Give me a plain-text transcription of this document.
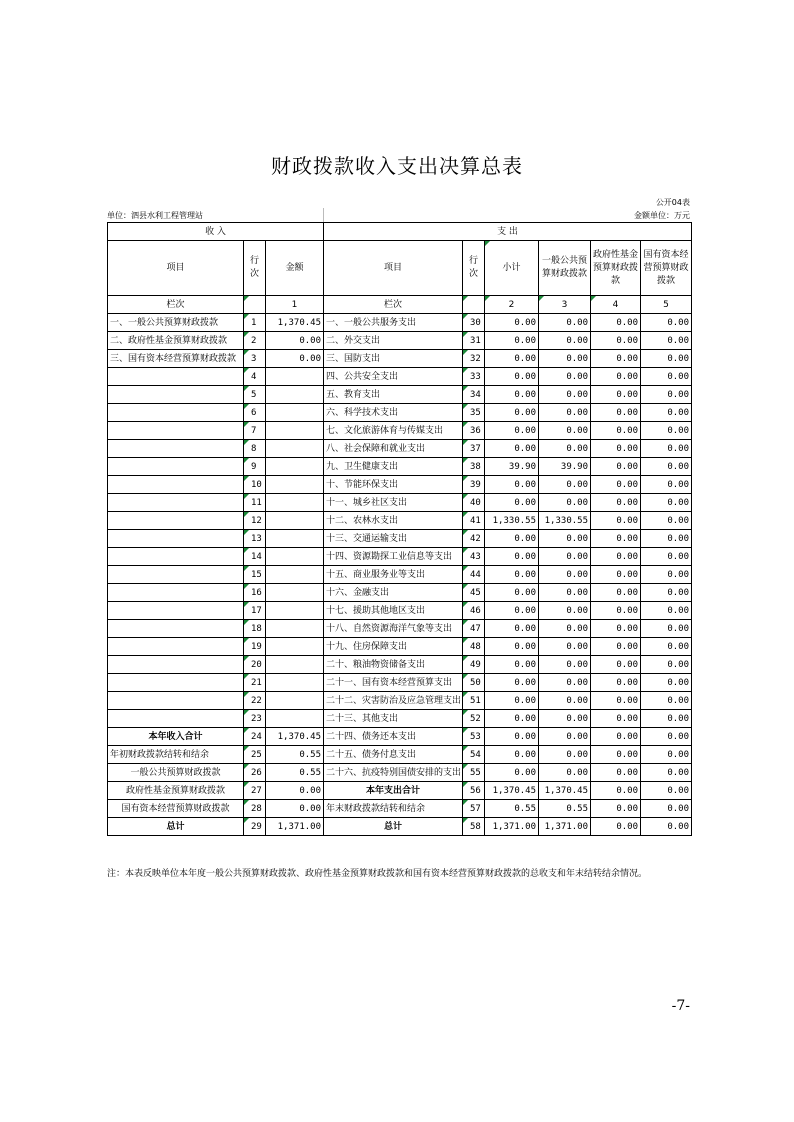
财政拨款收入支出决算总表
公开04表
单位：泗县水利工程管理站	金额单位：万元
收 入			支 出					
项目	行次	金额	项目	行次	小计	一般公共预算财政拨款	政府性基金预算财政拨款	国有资本经营预算财政拨款
栏次		1	栏次		2	3	4	5
一、一般公共预算财政拨款	1	1,370.45	一、一般公共服务支出	30	0.00	0.00	0.00	0.00
二、政府性基金预算财政拨款	2	0.00	二、外交支出	31	0.00	0.00	0.00	0.00
三、国有资本经营预算财政拨款	3	0.00	三、国防支出	32	0.00	0.00	0.00	0.00
	4		四、公共安全支出	33	0.00	0.00	0.00	0.00
	5		五、教育支出	34	0.00	0.00	0.00	0.00
	6		六、科学技术支出	35	0.00	0.00	0.00	0.00
	7		七、文化旅游体育与传媒支出	36	0.00	0.00	0.00	0.00
	8		八、社会保障和就业支出	37	0.00	0.00	0.00	0.00
	9		九、卫生健康支出	38	39.90	39.90	0.00	0.00
	10		十、节能环保支出	39	0.00	0.00	0.00	0.00
	11		十一、城乡社区支出	40	0.00	0.00	0.00	0.00
	12		十二、农林水支出	41	1,330.55	1,330.55	0.00	0.00
	13		十三、交通运输支出	42	0.00	0.00	0.00	0.00
	14		十四、资源勘探工业信息等支出	43	0.00	0.00	0.00	0.00
	15		十五、商业服务业等支出	44	0.00	0.00	0.00	0.00
	16		十六、金融支出	45	0.00	0.00	0.00	0.00
	17		十七、援助其他地区支出	46	0.00	0.00	0.00	0.00
	18		十八、自然资源海洋气象等支出	47	0.00	0.00	0.00	0.00
	19		十九、住房保障支出	48	0.00	0.00	0.00	0.00
	20		二十、粮油物资储备支出	49	0.00	0.00	0.00	0.00
	21		二十一、国有资本经营预算支出	50	0.00	0.00	0.00	0.00
	22		二十二、灾害防治及应急管理支出	51	0.00	0.00	0.00	0.00
	23		二十三、其他支出	52	0.00	0.00	0.00	0.00
本年收入合计	24	1,370.45	二十四、债务还本支出	53	0.00	0.00	0.00	0.00
年初财政拨款结转和结余	25	0.55	二十五、债务付息支出	54	0.00	0.00	0.00	0.00
一般公共预算财政拨款	26	0.55	二十六、抗疫特别国债安排的支出	55	0.00	0.00	0.00	0.00
政府性基金预算财政拨款	27	0.00	本年支出合计	56	1,370.45	1,370.45	0.00	0.00
国有资本经营预算财政拨款	28	0.00	年末财政拨款结转和结余	57	0.55	0.55	0.00	0.00
总计	29	1,371.00	总计	58	1,371.00	1,371.00	0.00	0.00
注：本表反映单位本年度一般公共预算财政拨款、政府性基金预算财政拨款和国有资本经营预算财政拨款的总收支和年末结转结余情况。
-7-
